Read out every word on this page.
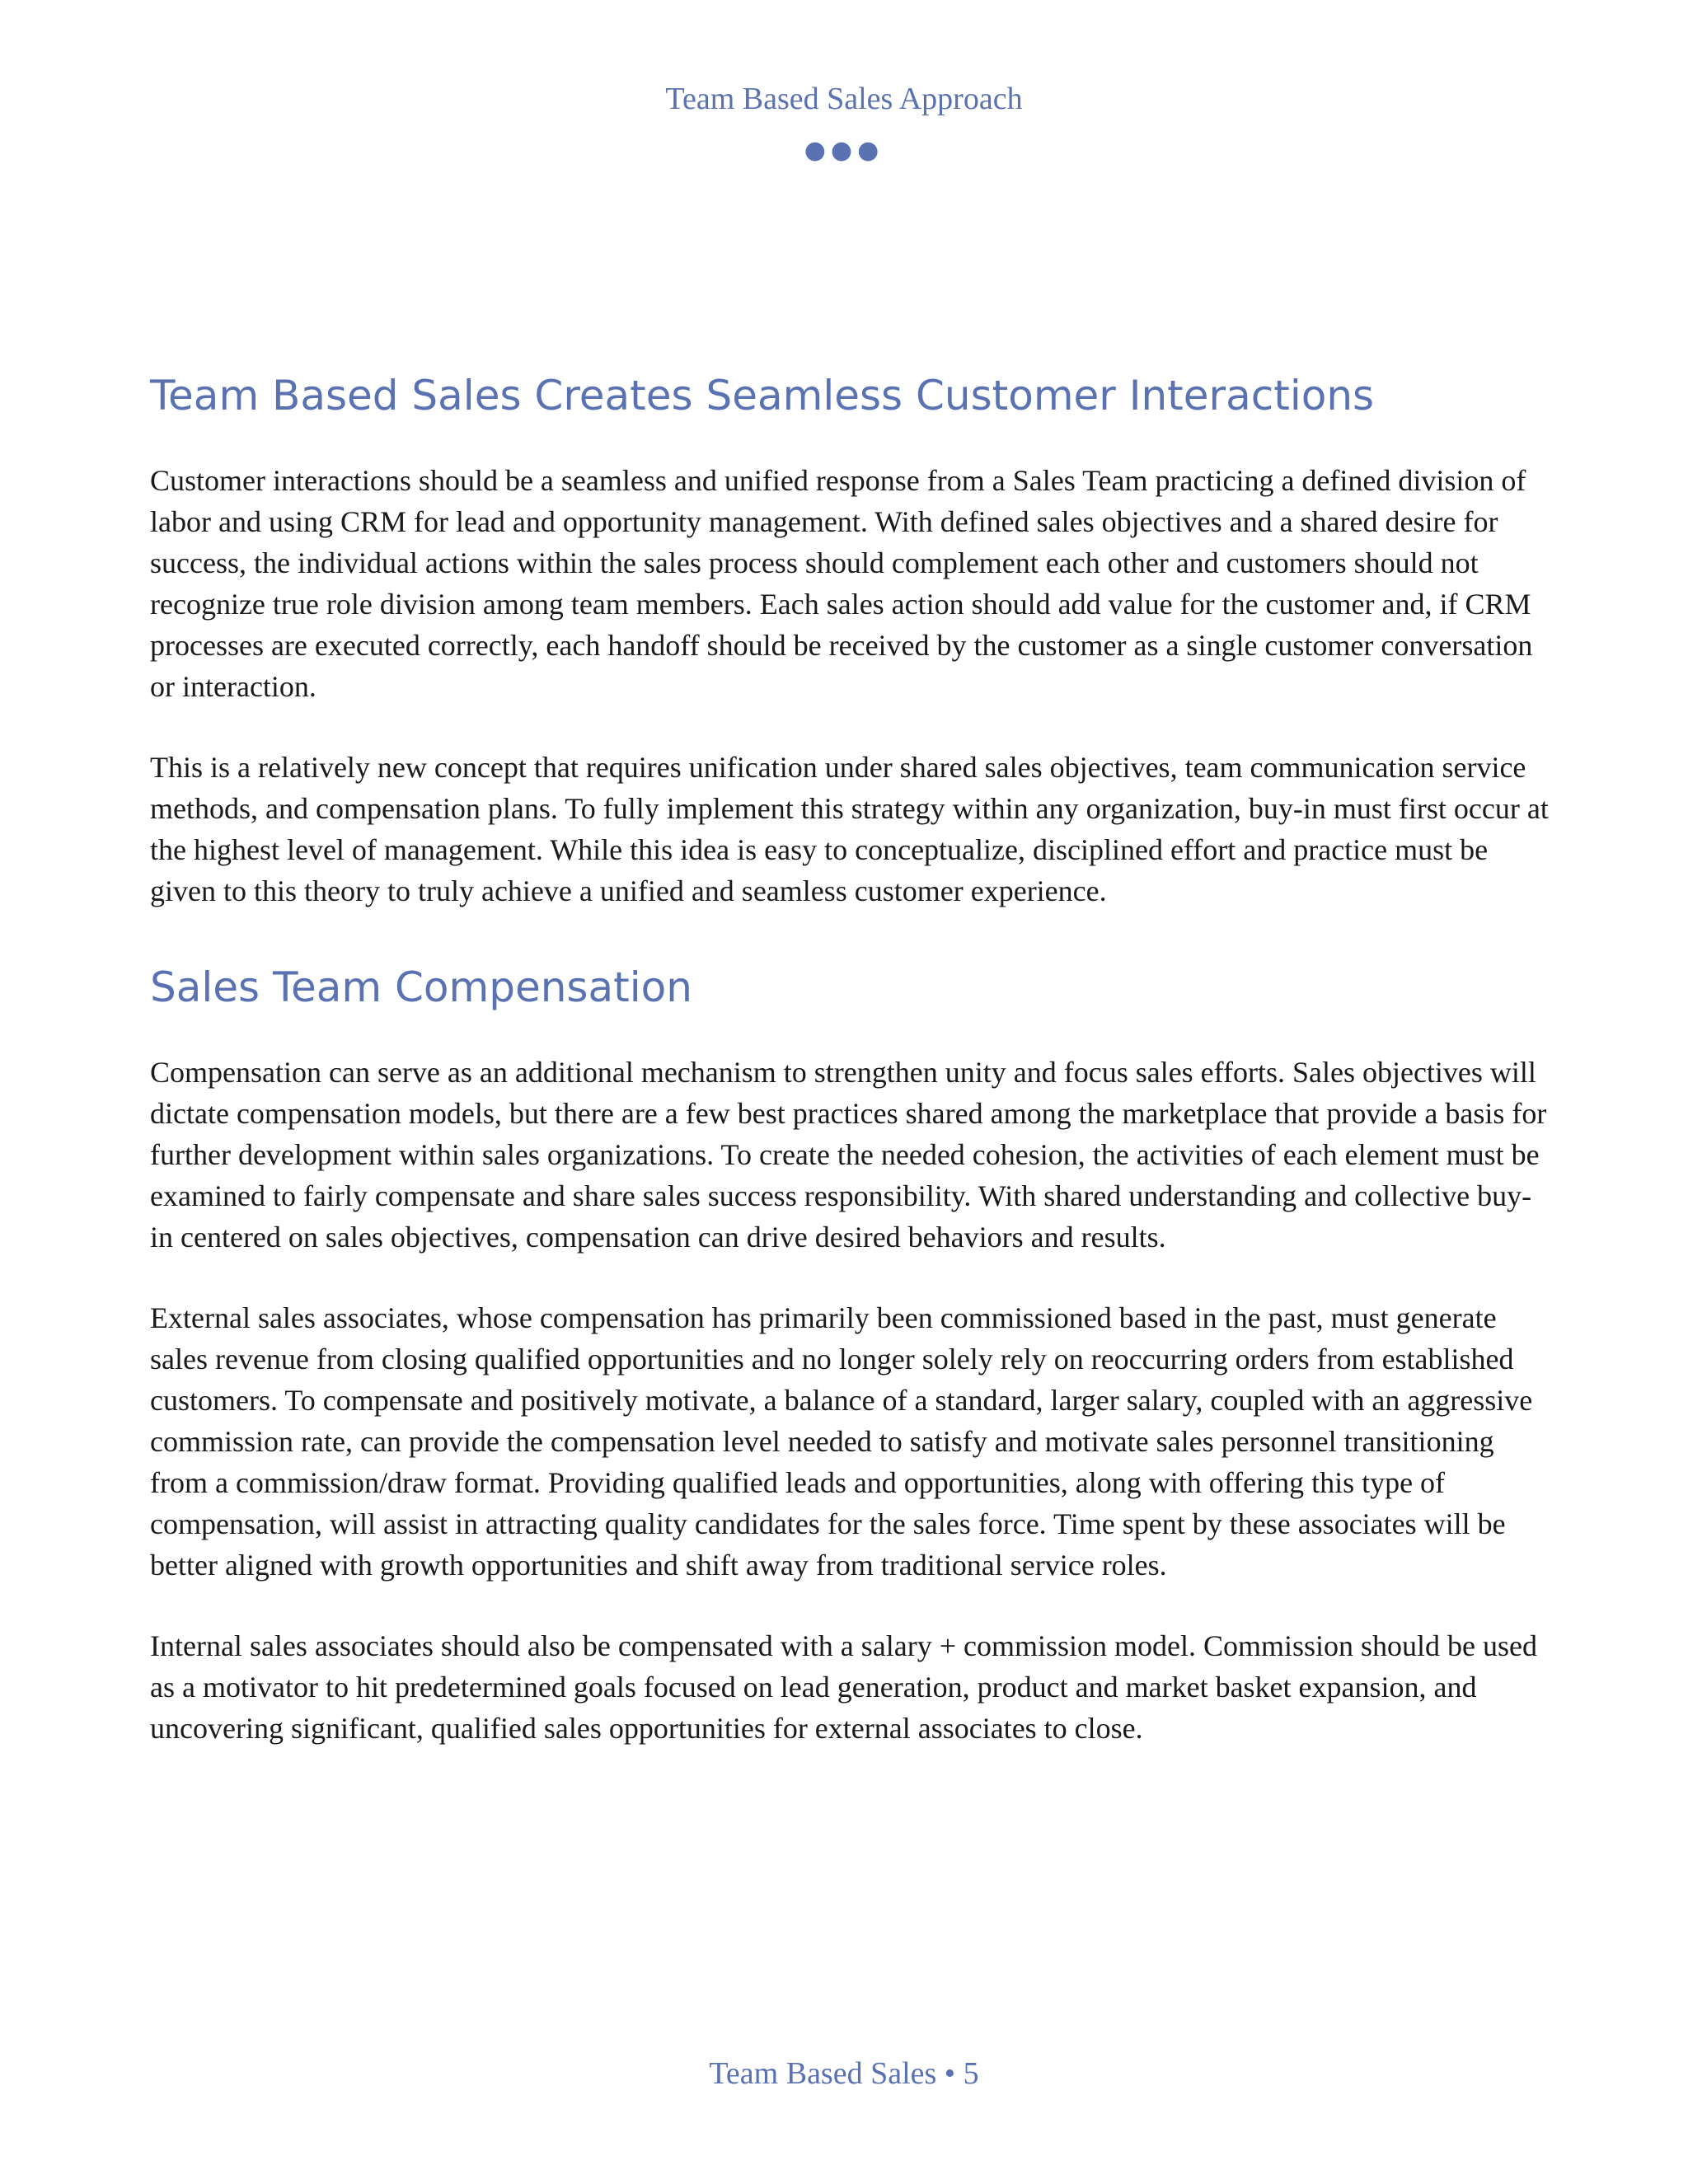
Team Based Sales Approach
●●●
Team Based Sales Creates Seamless Customer Interactions

Customer interactions should be a seamless and unified response from a Sales Team practicing a defined division of labor and using CRM for lead and opportunity management. With defined sales objectives and a shared desire for success, the individual actions within the sales process should complement each other and customers should not recognize true role division among team members. Each sales action should add value for the customer and, if CRM processes are executed correctly, each handoff should be received by the customer as a single customer conversation or interaction.

This is a relatively new concept that requires unification under shared sales objectives, team communication service methods, and compensation plans. To fully implement this strategy within any organization, buy-in must first occur at the highest level of management. While this idea is easy to conceptualize, disciplined effort and practice must be given to this theory to truly achieve a unified and seamless customer experience.

Sales Team Compensation

Compensation can serve as an additional mechanism to strengthen unity and focus sales efforts. Sales objectives will dictate compensation models, but there are a few best practices shared among the marketplace that provide a basis for further development within sales organizations. To create the needed cohesion, the activities of each element must be examined to fairly compensate and share sales success responsibility. With shared understanding and collective buy-in centered on sales objectives, compensation can drive desired behaviors and results.

External sales associates, whose compensation has primarily been commissioned based in the past, must generate sales revenue from closing qualified opportunities and no longer solely rely on reoccurring orders from established customers. To compensate and positively motivate, a balance of a standard, larger salary, coupled with an aggressive commission rate, can provide the compensation level needed to satisfy and motivate sales personnel transitioning from a commission/draw format. Providing qualified leads and opportunities, along with offering this type of compensation, will assist in attracting quality candidates for the sales force. Time spent by these associates will be better aligned with growth opportunities and shift away from traditional service roles.

Internal sales associates should also be compensated with a salary + commission model. Commission should be used as a motivator to hit predetermined goals focused on lead generation, product and market basket expansion, and uncovering significant, qualified sales opportunities for external associates to close.

Team Based Sales • 5
